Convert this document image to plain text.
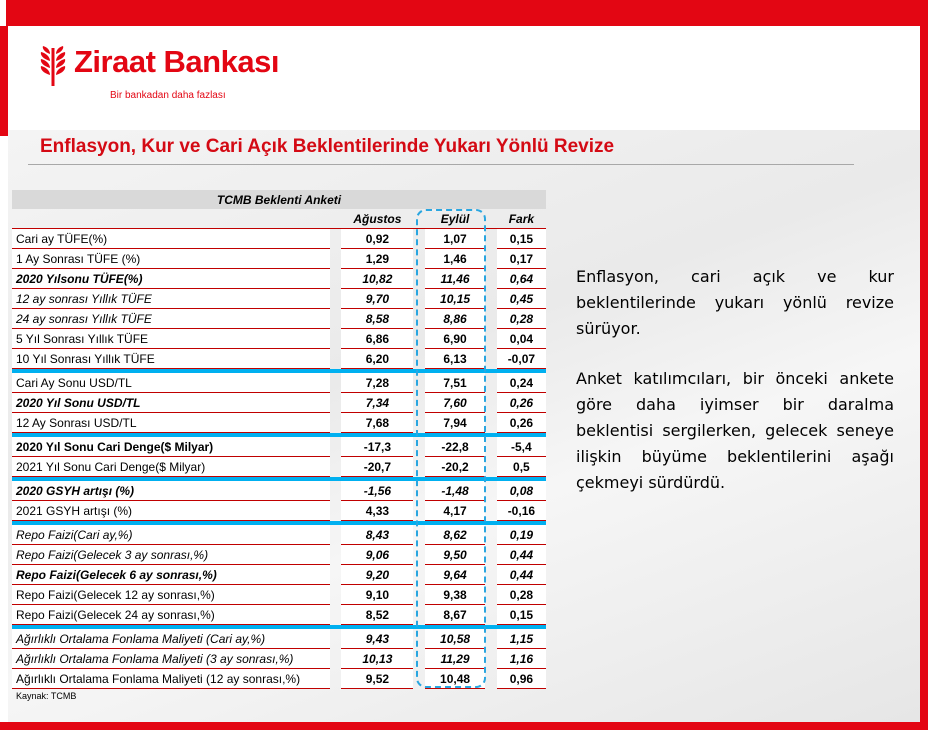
Ziraat Bankası
Bir bankadan daha fazlası
Enflasyon, Kur ve Cari Açık Beklentilerinde Yukarı Yönlü Revize
TCMB Beklenti Anketi						
		Ağustos		Eylül		Fark
Cari ay TÜFE(%)		0,92		1,07		0,15
1 Ay Sonrası TÜFE (%)		1,29		1,46		0,17
2020 Yılsonu TÜFE(%)		10,82		11,46		0,64
12 ay sonrası Yıllık TÜFE		9,70		10,15		0,45
24 ay sonrası Yıllık TÜFE		8,58		8,86		0,28
5 Yıl Sonrası Yıllık TÜFE		6,86		6,90		0,04
10 Yıl Sonrası Yıllık TÜFE		6,20		6,13		-0,07

Cari Ay Sonu USD/TL		7,28		7,51		0,24
2020 Yıl Sonu USD/TL		7,34		7,60		0,26
12 Ay Sonrası USD/TL		7,68		7,94		0,26

2020 Yıl Sonu Cari Denge($ Milyar)		-17,3		-22,8		-5,4
2021 Yıl Sonu Cari Denge($ Milyar)		-20,7		-20,2		0,5

2020 GSYH artışı (%)		-1,56		-1,48		0,08
2021 GSYH artışı (%)		4,33		4,17		-0,16

Repo Faizi(Cari ay,%)		8,43		8,62		0,19
Repo Faizi(Gelecek 3 ay sonrası,%)		9,06		9,50		0,44
Repo Faizi(Gelecek 6 ay sonrası,%)		9,20		9,64		0,44
Repo Faizi(Gelecek 12 ay sonrası,%)		9,10		9,38		0,28
Repo Faizi(Gelecek 24 ay sonrası,%)		8,52		8,67		0,15

Ağırlıklı Ortalama Fonlama Maliyeti (Cari ay,%)		9,43		10,58		1,15
Ağırlıklı Ortalama Fonlama Maliyeti (3 ay sonrası,%)		10,13		11,29		1,16
Ağırlıklı Ortalama Fonlama Maliyeti (12 ay sonrası,%)		9,52		10,48		0,96
Kaynak: TCMB
Enflasyon, cari açık ve kur beklentilerinde yukarı yönlü revize sürüyor.
Anket katılımcıları, bir önceki ankete göre daha iyimser bir daralma beklentisi sergilerken, gelecek seneye ilişkin büyüme beklentilerini aşağı çekmeyi sürdürdü.
